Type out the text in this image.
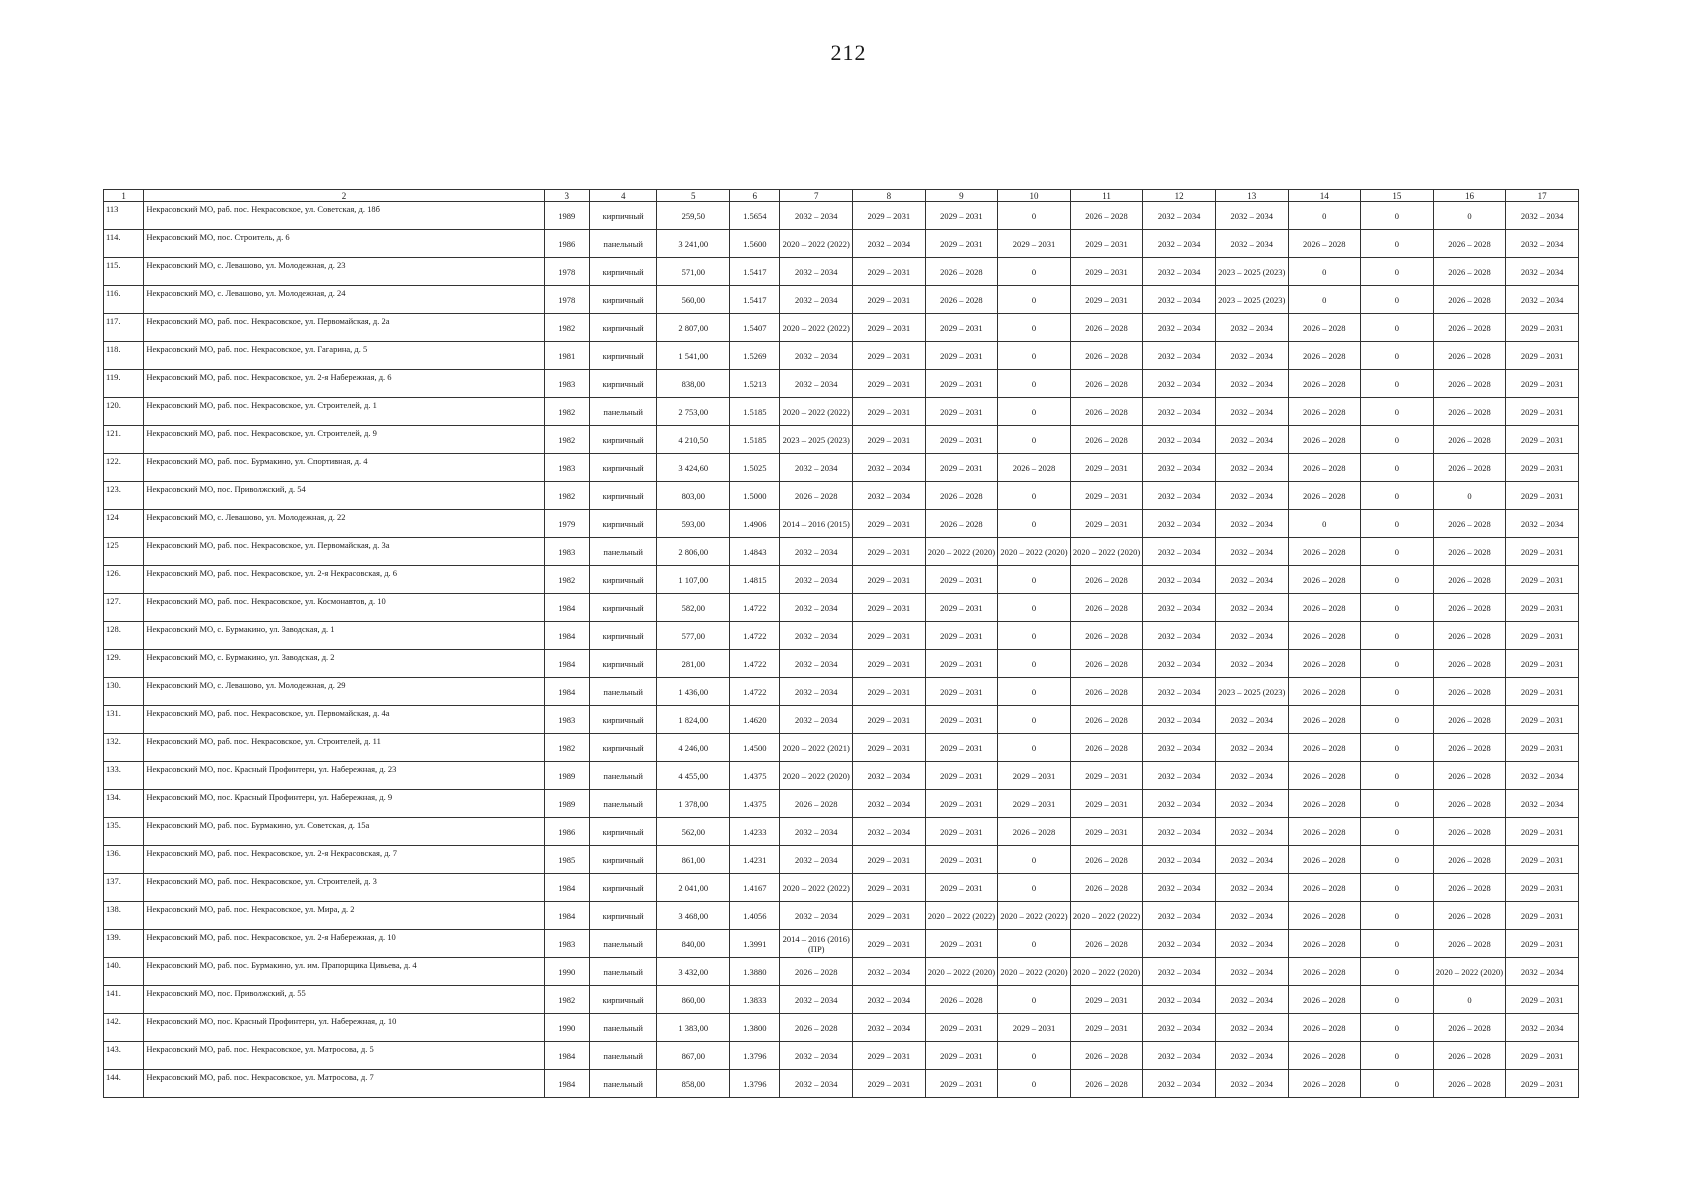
212
1	2	3	4	5	6	7	8	9	10	11	12	13	14	15	16	17
113	Некрасовский МО, раб. пос. Некрасовское, ул. Советская, д. 18б	1989	кирпичный	259,50	1.5654	2032 – 2034	2029 – 2031	2029 – 2031	0	2026 – 2028	2032 – 2034	2032 – 2034	0	0	0	2032 – 2034
114.	Некрасовский МО, пос. Строитель, д. 6	1986	панельный	3 241,00	1.5600	2020 – 2022 (2022)	2032 – 2034	2029 – 2031	2029 – 2031	2029 – 2031	2032 – 2034	2032 – 2034	2026 – 2028	0	2026 – 2028	2032 – 2034
115.	Некрасовский МО, с. Левашово, ул. Молодежная, д. 23	1978	кирпичный	571,00	1.5417	2032 – 2034	2029 – 2031	2026 – 2028	0	2029 – 2031	2032 – 2034	2023 – 2025 (2023)	0	0	2026 – 2028	2032 – 2034
116.	Некрасовский МО, с. Левашово, ул. Молодежная, д. 24	1978	кирпичный	560,00	1.5417	2032 – 2034	2029 – 2031	2026 – 2028	0	2029 – 2031	2032 – 2034	2023 – 2025 (2023)	0	0	2026 – 2028	2032 – 2034
117.	Некрасовский МО, раб. пос. Некрасовское, ул. Первомайская, д. 2а	1982	кирпичный	2 807,00	1.5407	2020 – 2022 (2022)	2029 – 2031	2029 – 2031	0	2026 – 2028	2032 – 2034	2032 – 2034	2026 – 2028	0	2026 – 2028	2029 – 2031
118.	Некрасовский МО, раб. пос. Некрасовское, ул. Гагарина, д. 5	1981	кирпичный	1 541,00	1.5269	2032 – 2034	2029 – 2031	2029 – 2031	0	2026 – 2028	2032 – 2034	2032 – 2034	2026 – 2028	0	2026 – 2028	2029 – 2031
119.	Некрасовский МО, раб. пос. Некрасовское, ул. 2-я Набережная, д. 6	1983	кирпичный	838,00	1.5213	2032 – 2034	2029 – 2031	2029 – 2031	0	2026 – 2028	2032 – 2034	2032 – 2034	2026 – 2028	0	2026 – 2028	2029 – 2031
120.	Некрасовский МО, раб. пос. Некрасовское, ул. Строителей, д. 1	1982	панельный	2 753,00	1.5185	2020 – 2022 (2022)	2029 – 2031	2029 – 2031	0	2026 – 2028	2032 – 2034	2032 – 2034	2026 – 2028	0	2026 – 2028	2029 – 2031
121.	Некрасовский МО, раб. пос. Некрасовское, ул. Строителей, д. 9	1982	кирпичный	4 210,50	1.5185	2023 – 2025 (2023)	2029 – 2031	2029 – 2031	0	2026 – 2028	2032 – 2034	2032 – 2034	2026 – 2028	0	2026 – 2028	2029 – 2031
122.	Некрасовский МО, раб. пос. Бурмакино, ул. Спортивная, д. 4	1983	кирпичный	3 424,60	1.5025	2032 – 2034	2032 – 2034	2029 – 2031	2026 – 2028	2029 – 2031	2032 – 2034	2032 – 2034	2026 – 2028	0	2026 – 2028	2029 – 2031
123.	Некрасовский МО, пос. Приволжский, д. 54	1982	кирпичный	803,00	1.5000	2026 – 2028	2032 – 2034	2026 – 2028	0	2029 – 2031	2032 – 2034	2032 – 2034	2026 – 2028	0	0	2029 – 2031
124	Некрасовский МО, с. Левашово, ул. Молодежная, д. 22	1979	кирпичный	593,00	1.4906	2014 – 2016 (2015)	2029 – 2031	2026 – 2028	0	2029 – 2031	2032 – 2034	2032 – 2034	0	0	2026 – 2028	2032 – 2034
125	Некрасовский МО, раб. пос. Некрасовское, ул. Первомайская, д. 3а	1983	панельный	2 806,00	1.4843	2032 – 2034	2029 – 2031	2020 – 2022 (2020)	2020 – 2022 (2020)	2020 – 2022 (2020)	2032 – 2034	2032 – 2034	2026 – 2028	0	2026 – 2028	2029 – 2031
126.	Некрасовский МО, раб. пос. Некрасовское, ул. 2-я Некрасовская, д. 6	1982	кирпичный	1 107,00	1.4815	2032 – 2034	2029 – 2031	2029 – 2031	0	2026 – 2028	2032 – 2034	2032 – 2034	2026 – 2028	0	2026 – 2028	2029 – 2031
127.	Некрасовский МО, раб. пос. Некрасовское, ул. Космонавтов, д. 10	1984	кирпичный	582,00	1.4722	2032 – 2034	2029 – 2031	2029 – 2031	0	2026 – 2028	2032 – 2034	2032 – 2034	2026 – 2028	0	2026 – 2028	2029 – 2031
128.	Некрасовский МО, с. Бурмакино, ул. Заводская, д. 1	1984	кирпичный	577,00	1.4722	2032 – 2034	2029 – 2031	2029 – 2031	0	2026 – 2028	2032 – 2034	2032 – 2034	2026 – 2028	0	2026 – 2028	2029 – 2031
129.	Некрасовский МО, с. Бурмакино, ул. Заводская, д. 2	1984	кирпичный	281,00	1.4722	2032 – 2034	2029 – 2031	2029 – 2031	0	2026 – 2028	2032 – 2034	2032 – 2034	2026 – 2028	0	2026 – 2028	2029 – 2031
130.	Некрасовский МО, с. Левашово, ул. Молодежная, д. 29	1984	панельный	1 436,00	1.4722	2032 – 2034	2029 – 2031	2029 – 2031	0	2026 – 2028	2032 – 2034	2023 – 2025 (2023)	2026 – 2028	0	2026 – 2028	2029 – 2031
131.	Некрасовский МО, раб. пос. Некрасовское, ул. Первомайская, д. 4а	1983	кирпичный	1 824,00	1.4620	2032 – 2034	2029 – 2031	2029 – 2031	0	2026 – 2028	2032 – 2034	2032 – 2034	2026 – 2028	0	2026 – 2028	2029 – 2031
132.	Некрасовский МО, раб. пос. Некрасовское, ул. Строителей, д. 11	1982	кирпичный	4 246,00	1.4500	2020 – 2022 (2021)	2029 – 2031	2029 – 2031	0	2026 – 2028	2032 – 2034	2032 – 2034	2026 – 2028	0	2026 – 2028	2029 – 2031
133.	Некрасовский МО, пос. Красный Профинтерн, ул. Набережная, д. 23	1989	панельный	4 455,00	1.4375	2020 – 2022 (2020)	2032 – 2034	2029 – 2031	2029 – 2031	2029 – 2031	2032 – 2034	2032 – 2034	2026 – 2028	0	2026 – 2028	2032 – 2034
134.	Некрасовский МО, пос. Красный Профинтерн, ул. Набережная, д. 9	1989	панельный	1 378,00	1.4375	2026 – 2028	2032 – 2034	2029 – 2031	2029 – 2031	2029 – 2031	2032 – 2034	2032 – 2034	2026 – 2028	0	2026 – 2028	2032 – 2034
135.	Некрасовский МО, раб. пос. Бурмакино, ул. Советская, д. 15а	1986	кирпичный	562,00	1.4233	2032 – 2034	2032 – 2034	2029 – 2031	2026 – 2028	2029 – 2031	2032 – 2034	2032 – 2034	2026 – 2028	0	2026 – 2028	2029 – 2031
136.	Некрасовский МО, раб. пос. Некрасовское, ул. 2-я Некрасовская, д. 7	1985	кирпичный	861,00	1.4231	2032 – 2034	2029 – 2031	2029 – 2031	0	2026 – 2028	2032 – 2034	2032 – 2034	2026 – 2028	0	2026 – 2028	2029 – 2031
137.	Некрасовский МО, раб. пос. Некрасовское, ул. Строителей, д. 3	1984	кирпичный	2 041,00	1.4167	2020 – 2022 (2022)	2029 – 2031	2029 – 2031	0	2026 – 2028	2032 – 2034	2032 – 2034	2026 – 2028	0	2026 – 2028	2029 – 2031
138.	Некрасовский МО, раб. пос. Некрасовское, ул. Мира, д. 2	1984	кирпичный	3 468,00	1.4056	2032 – 2034	2029 – 2031	2020 – 2022 (2022)	2020 – 2022 (2022)	2020 – 2022 (2022)	2032 – 2034	2032 – 2034	2026 – 2028	0	2026 – 2028	2029 – 2031
139.	Некрасовский МО, раб. пос. Некрасовское, ул. 2-я Набережная, д. 10	1983	панельный	840,00	1.3991	2014 – 2016 (2016) (ПР)	2029 – 2031	2029 – 2031	0	2026 – 2028	2032 – 2034	2032 – 2034	2026 – 2028	0	2026 – 2028	2029 – 2031
140.	Некрасовский МО, раб. пос. Бурмакино, ул. им. Прапорщика Цивьева, д. 4	1990	панельный	3 432,00	1.3880	2026 – 2028	2032 – 2034	2020 – 2022 (2020)	2020 – 2022 (2020)	2020 – 2022 (2020)	2032 – 2034	2032 – 2034	2026 – 2028	0	2020 – 2022 (2020)	2032 – 2034
141.	Некрасовский МО, пос. Приволжский, д. 55	1982	кирпичный	860,00	1.3833	2032 – 2034	2032 – 2034	2026 – 2028	0	2029 – 2031	2032 – 2034	2032 – 2034	2026 – 2028	0	0	2029 – 2031
142.	Некрасовский МО, пос. Красный Профинтерн, ул. Набережная, д. 10	1990	панельный	1 383,00	1.3800	2026 – 2028	2032 – 2034	2029 – 2031	2029 – 2031	2029 – 2031	2032 – 2034	2032 – 2034	2026 – 2028	0	2026 – 2028	2032 – 2034
143.	Некрасовский МО, раб. пос. Некрасовское, ул. Матросова, д. 5	1984	панельный	867,00	1.3796	2032 – 2034	2029 – 2031	2029 – 2031	0	2026 – 2028	2032 – 2034	2032 – 2034	2026 – 2028	0	2026 – 2028	2029 – 2031
144.	Некрасовский МО, раб. пос. Некрасовское, ул. Матросова, д. 7	1984	панельный	858,00	1.3796	2032 – 2034	2029 – 2031	2029 – 2031	0	2026 – 2028	2032 – 2034	2032 – 2034	2026 – 2028	0	2026 – 2028	2029 – 2031
